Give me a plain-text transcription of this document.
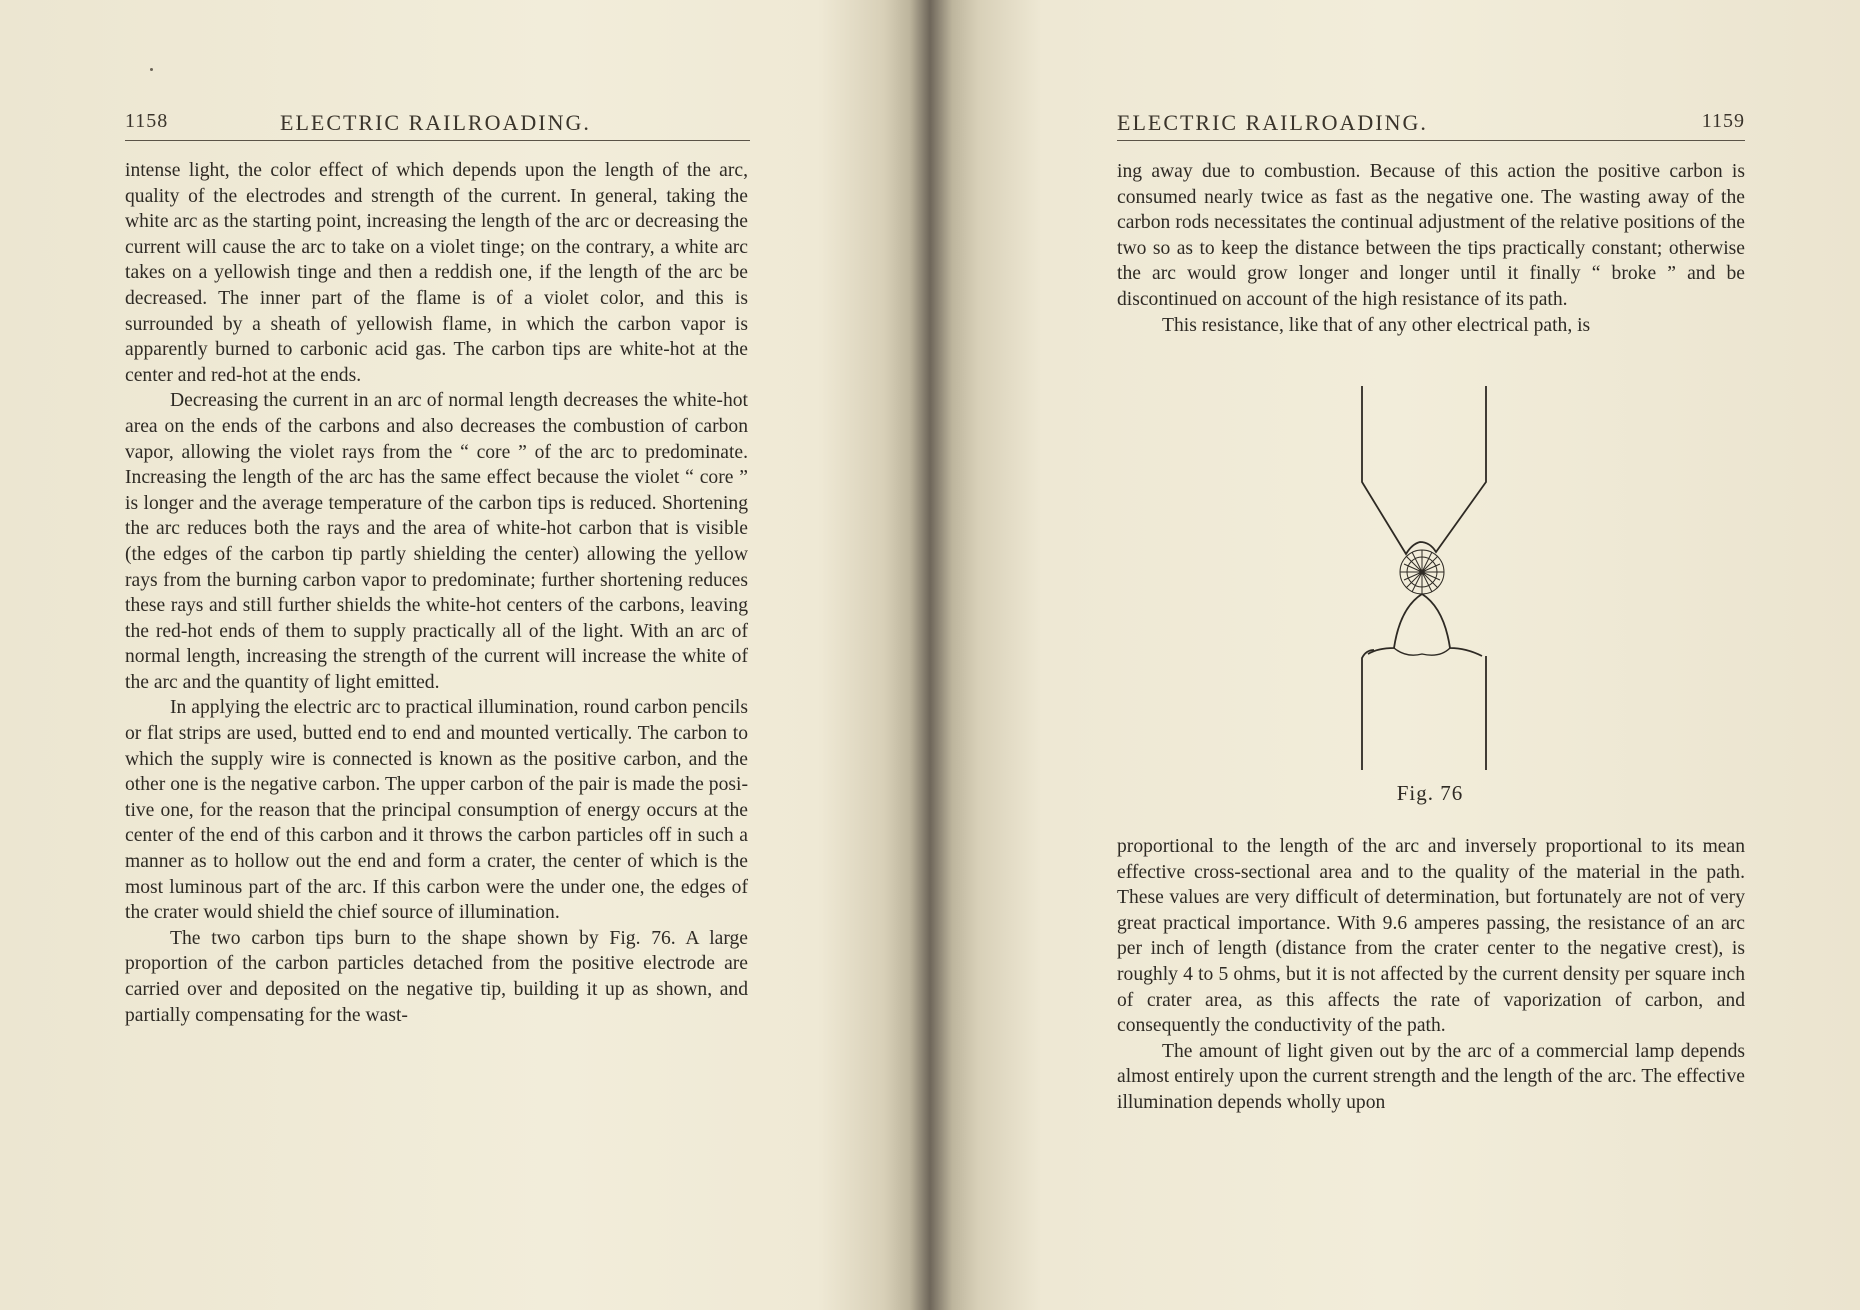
1158	ELECTRIC RAILROADING.

intense light, the color effect of which depends upon the length of the arc, quality of the electrodes and strength of the current. In general, taking the white arc as the starting point, increasing the length of the arc or decreasing the current will cause the arc to take on a violet tinge; on the contrary, a white arc takes on a yellowish tinge and then a reddish one, if the length of the arc be decreased. The inner part of the flame is of a violet color, and this is surrounded by a sheath of yellowish flame, in which the carbon vapor is apparently burned to carbonic acid gas. The carbon tips are white-hot at the center and red-hot at the ends.

Decreasing the current in an arc of normal length decreases the white-hot area on the ends of the carbons and also decreases the combustion of carbon vapor, allowing the violet rays from the “ core ” of the arc to predominate. Increasing the length of the arc has the same effect because the violet “ core ” is longer and the average temperature of the carbon tips is reduced. Shortening the arc reduces both the rays and the area of white-hot carbon that is visible (the edges of the carbon tip partly shielding the center) allowing the yellow rays from the burning carbon vapor to predominate; further shortening reduces these rays and still further shields the white-hot centers of the carbons, leaving the red-hot ends of them to supply practically all of the light. With an arc of normal length, increasing the strength of the current will increase the white of the arc and the quantity of light emitted.

In applying the electric arc to practical illumination, round carbon pencils or flat strips are used, butted end to end and mounted vertically. The carbon to which the supply wire is connected is known as the positive carbon, and the other one is the negative carbon. The upper carbon of the pair is made the positive one, for the reason that the principal consumption of energy occurs at the center of the end of this carbon and it throws the carbon particles off in such a manner as to hollow out the end and form a crater, the center of which is the most luminous part of the arc. If this carbon were the under one, the edges of the crater would shield the chief source of illumination.

The two carbon tips burn to the shape shown by Fig. 76. A large proportion of the carbon particles detached from the positive electrode are carried over and deposited on the negative tip, building it up as shown, and partially compensating for the wast-

ELECTRIC RAILROADING.	1159

ing away due to combustion. Because of this action the positive carbon is consumed nearly twice as fast as the negative one. The wasting away of the carbon rods necessitates the continual adjustment of the relative positions of the two so as to keep the distance between the tips practically constant; otherwise the arc would grow longer and longer until it finally “ broke ” and be discontinued on account of the high resistance of its path.

This resistance, like that of any other electrical path, is

Fig. 76

proportional to the length of the arc and inversely proportional to its mean effective cross-sectional area and to the quality of the material in the path. These values are very difficult of determination, but fortunately are not of very great practical importance. With 9.6 amperes passing, the resistance of an arc per inch of length (distance from the crater center to the negative crest), is roughly 4 to 5 ohms, but it is not affected by the current density per square inch of crater area, as this affects the rate of vaporization of carbon, and consequently the conductivity of the path.

The amount of light given out by the arc of a commercial lamp depends almost entirely upon the current strength and the length of the arc. The effective illumination depends wholly upon
